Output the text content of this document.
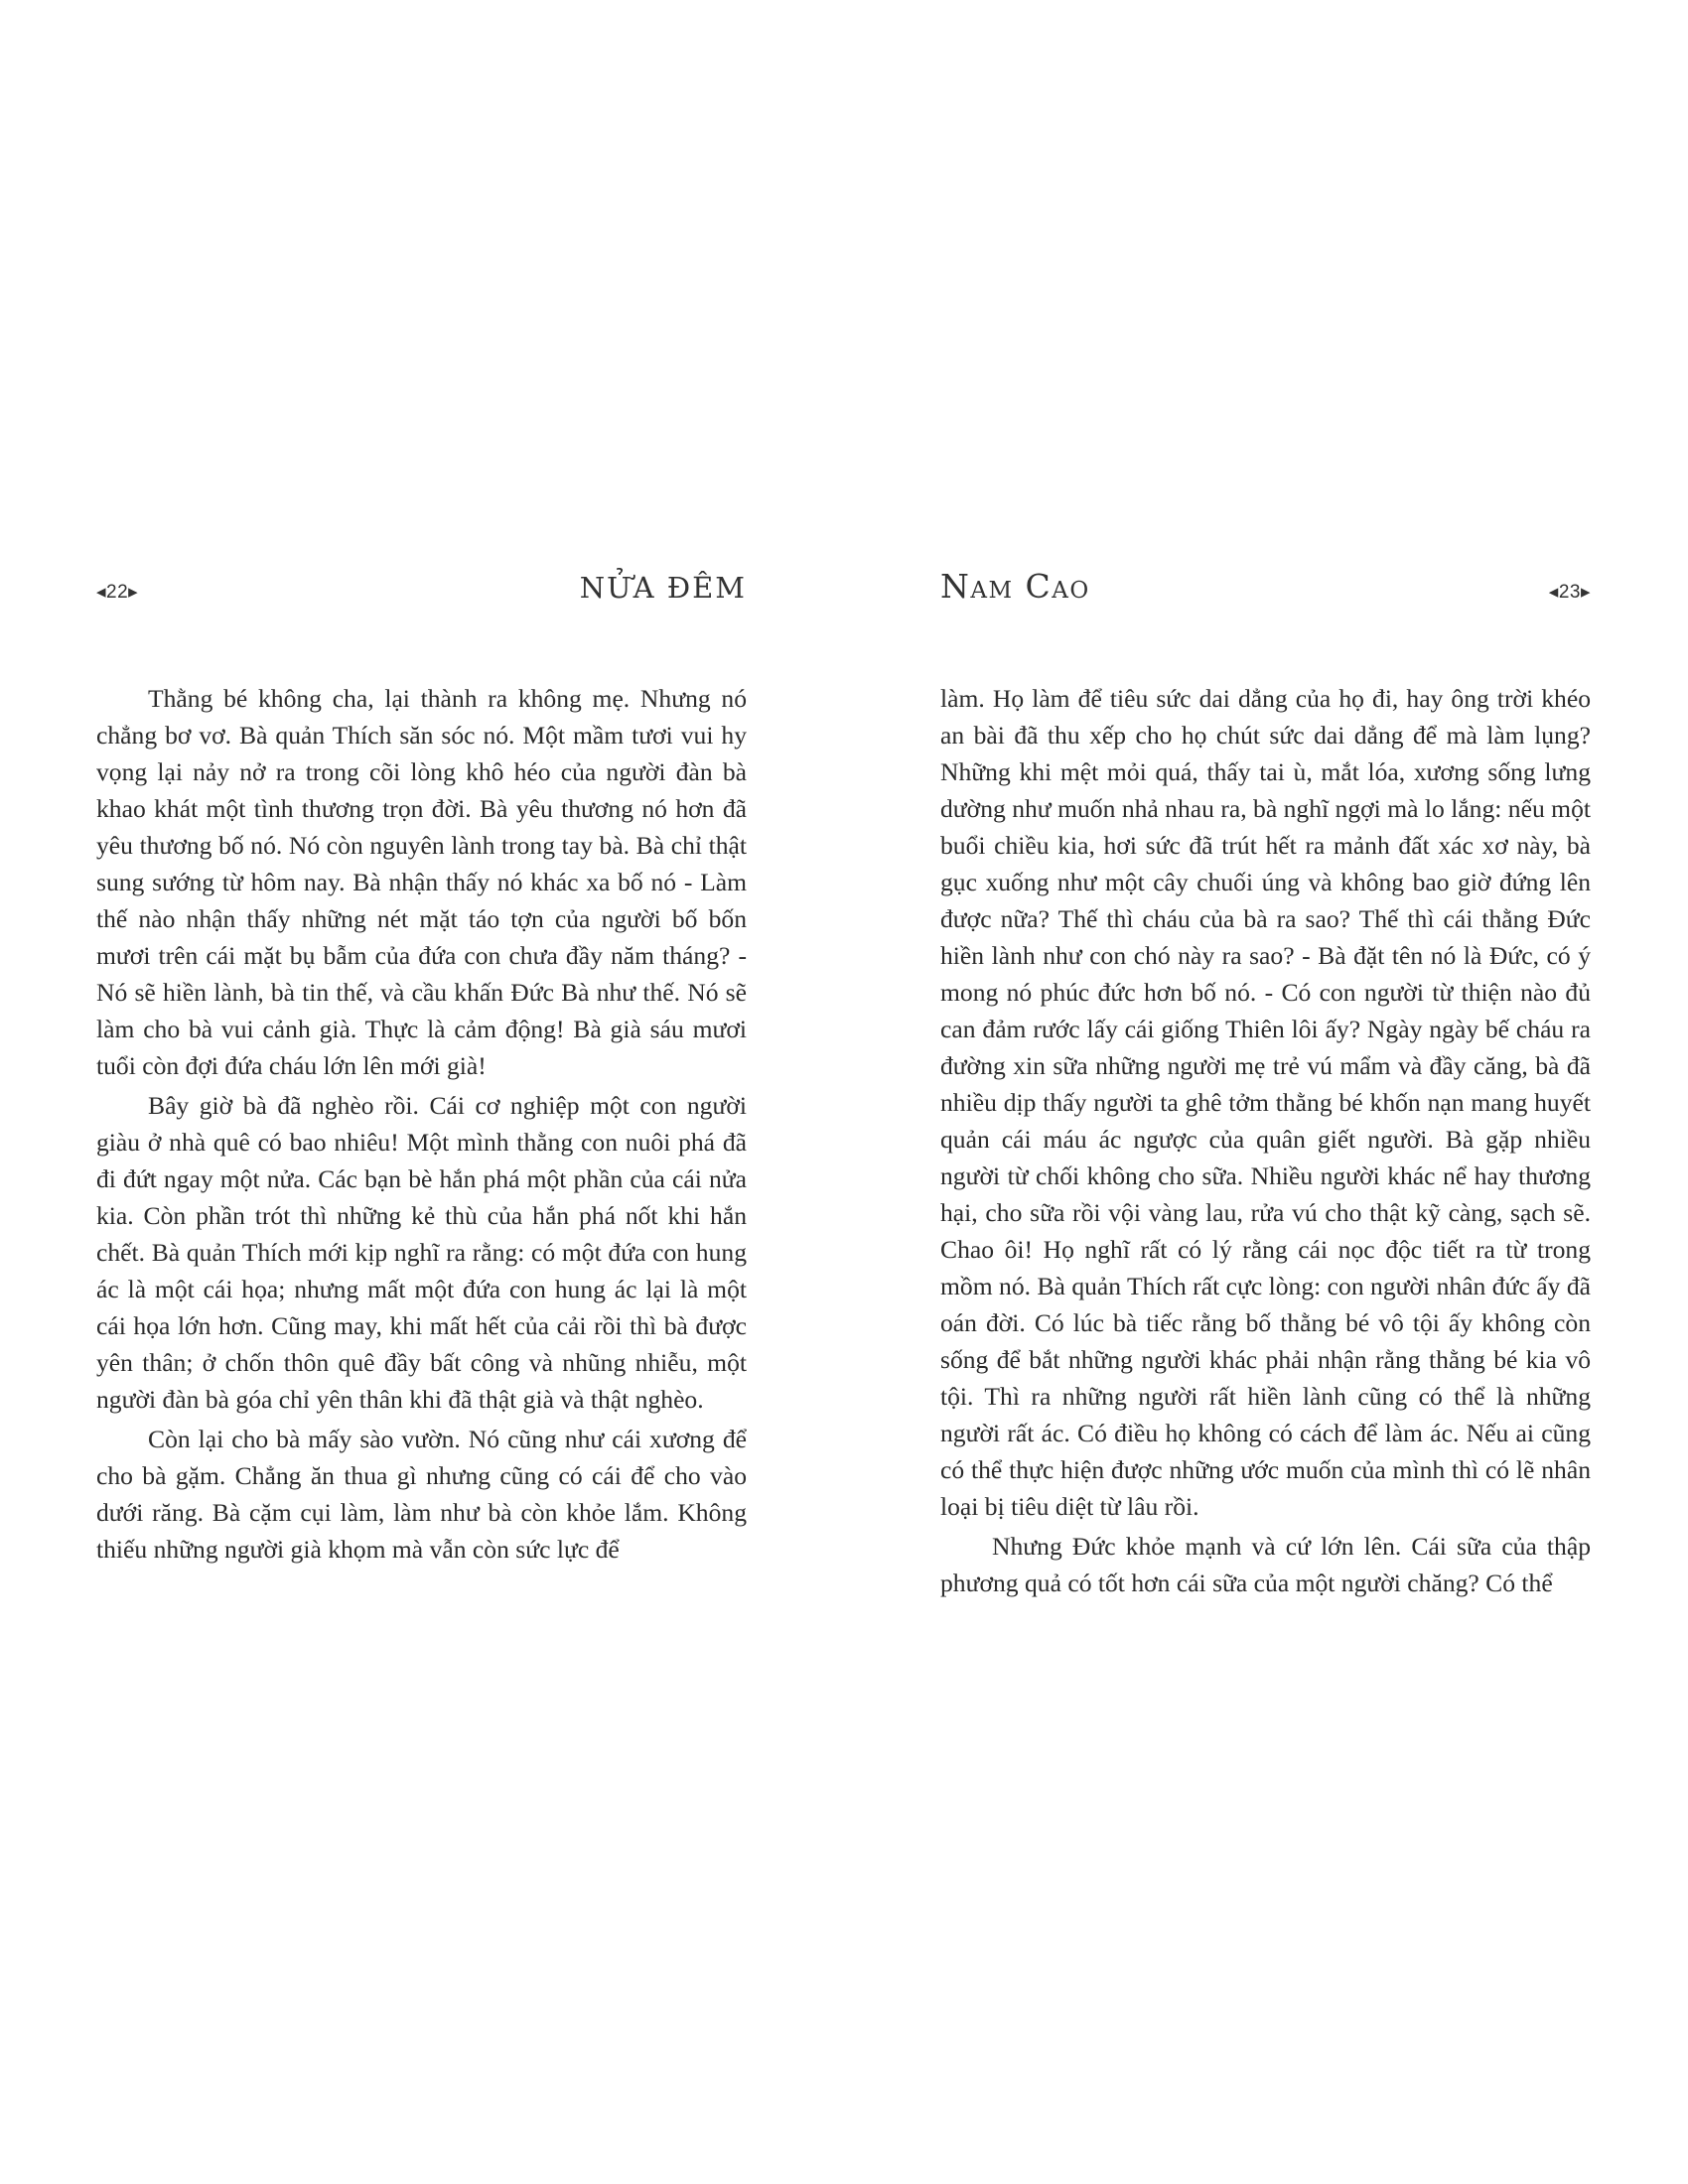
◂22▸	NỬA ĐÊM

Thằng bé không cha, lại thành ra không mẹ. Nhưng nó chẳng bơ vơ. Bà quản Thích săn sóc nó. Một mầm tươi vui hy vọng lại nảy nở ra trong cõi lòng khô héo của người đàn bà khao khát một tình thương trọn đời. Bà yêu thương nó hơn đã yêu thương bố nó. Nó còn nguyên lành trong tay bà. Bà chỉ thật sung sướng từ hôm nay. Bà nhận thấy nó khác xa bố nó - Làm thế nào nhận thấy những nét mặt táo tợn của người bố bốn mươi trên cái mặt bụ bẫm của đứa con chưa đầy năm tháng? - Nó sẽ hiền lành, bà tin thế, và cầu khấn Đức Bà như thế. Nó sẽ làm cho bà vui cảnh già. Thực là cảm động! Bà già sáu mươi tuổi còn đợi đứa cháu lớn lên mới già!

Bây giờ bà đã nghèo rồi. Cái cơ nghiệp một con người giàu ở nhà quê có bao nhiêu! Một mình thằng con nuôi phá đã đi đứt ngay một nửa. Các bạn bè hắn phá một phần của cái nửa kia. Còn phần trót thì những kẻ thù của hắn phá nốt khi hắn chết. Bà quản Thích mới kịp nghĩ ra rằng: có một đứa con hung ác là một cái họa; nhưng mất một đứa con hung ác lại là một cái họa lớn hơn. Cũng may, khi mất hết của cải rồi thì bà được yên thân; ở chốn thôn quê đầy bất công và nhũng nhiễu, một người đàn bà góa chỉ yên thân khi đã thật già và thật nghèo.

Còn lại cho bà mấy sào vườn. Nó cũng như cái xương để cho bà gặm. Chẳng ăn thua gì nhưng cũng có cái để cho vào dưới răng. Bà cặm cụi làm, làm như bà còn khỏe lắm. Không thiếu những người già khọm mà vẫn còn sức lực để

Nam Cao	◂23▸

làm. Họ làm để tiêu sức dai dẳng của họ đi, hay ông trời khéo an bài đã thu xếp cho họ chút sức dai dẳng để mà làm lụng? Những khi mệt mỏi quá, thấy tai ù, mắt lóa, xương sống lưng dường như muốn nhả nhau ra, bà nghĩ ngợi mà lo lắng: nếu một buổi chiều kia, hơi sức đã trút hết ra mảnh đất xác xơ này, bà gục xuống như một cây chuối úng và không bao giờ đứng lên được nữa? Thế thì cháu của bà ra sao? Thế thì cái thằng Đức hiền lành như con chó này ra sao? - Bà đặt tên nó là Đức, có ý mong nó phúc đức hơn bố nó. - Có con người từ thiện nào đủ can đảm rước lấy cái giống Thiên lôi ấy? Ngày ngày bế cháu ra đường xin sữa những người mẹ trẻ vú mẩm và đầy căng, bà đã nhiều dịp thấy người ta ghê tởm thằng bé khốn nạn mang huyết quản cái máu ác ngược của quân giết người. Bà gặp nhiều người từ chối không cho sữa. Nhiều người khác nể hay thương hại, cho sữa rồi vội vàng lau, rửa vú cho thật kỹ càng, sạch sẽ. Chao ôi! Họ nghĩ rất có lý rằng cái nọc độc tiết ra từ trong mồm nó. Bà quản Thích rất cực lòng: con người nhân đức ấy đã oán đời. Có lúc bà tiếc rằng bố thằng bé vô tội ấy không còn sống để bắt những người khác phải nhận rằng thằng bé kia vô tội. Thì ra những người rất hiền lành cũng có thể là những người rất ác. Có điều họ không có cách để làm ác. Nếu ai cũng có thể thực hiện được những ước muốn của mình thì có lẽ nhân loại bị tiêu diệt từ lâu rồi.

Nhưng Đức khỏe mạnh và cứ lớn lên. Cái sữa của thập phương quả có tốt hơn cái sữa của một người chăng? Có thể
